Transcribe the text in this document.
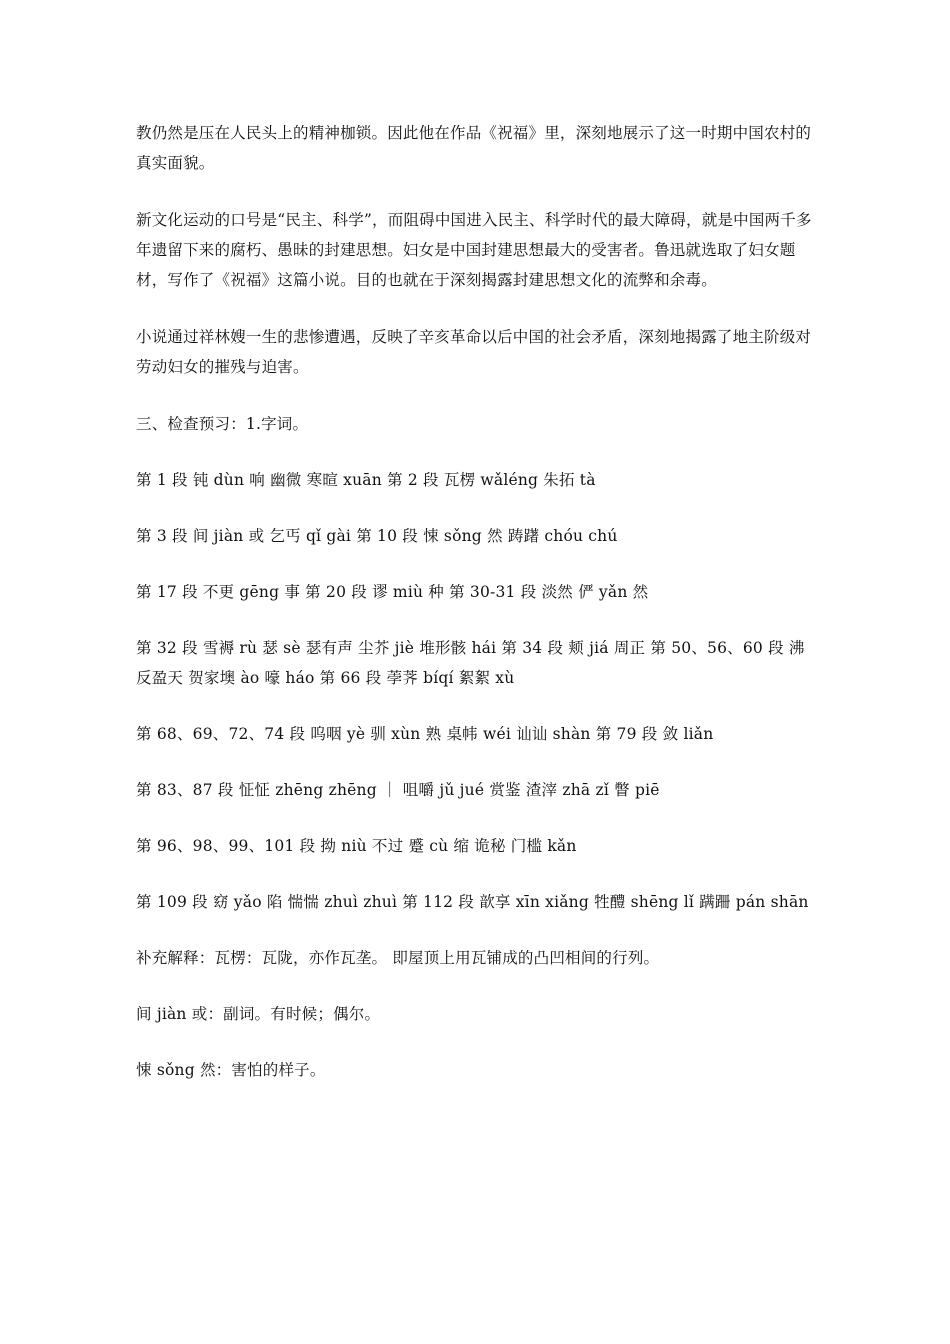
教仍然是压在人民头上的精神枷锁。因此他在作品《祝福》里，深刻地展示了这一时期中国农村的真实面貌。

新文化运动的口号是“民主、科学”，而阻碍中国进入民主、科学时代的最大障碍，就是中国两千多年遗留下来的腐朽、愚昧的封建思想。妇女是中国封建思想最大的受害者。鲁迅就选取了妇女题材，写作了《祝福》这篇小说。目的也就在于深刻揭露封建思想文化的流弊和余毒。

小说通过祥林嫂一生的悲惨遭遇，反映了辛亥革命以后中国的社会矛盾，深刻地揭露了地主阶级对劳动妇女的摧残与迫害。

三、检查预习：1.字词。

第 1 段 钝 dùn 响 幽微 寒暄 xuān 第 2 段 瓦楞 wǎléng 朱拓 tà

第 3 段 间 jiàn 或 乞丐 qǐ gài 第 10 段 悚 sǒng 然 踌躇 chóu chú

第 17 段 不更 gēng 事 第 20 段 谬 miù 种 第 30-31 段 淡然 俨 yǎn 然

第 32 段 雪褥 rù 瑟 sè 瑟有声 尘芥 jiè 堆形骸 hái 第 34 段 颊 jiá 周正 第 50、56、60 段 沸反盈天 贺家墺 ào 嚎 háo 第 66 段 荸荠 bíqí 絮絮 xù

第 68、69、72、74 段 呜咽 yè 驯 xùn 熟 桌帏 wéi 讪讪 shàn 第 79 段 敛 liǎn

第 83、87 段 怔怔 zhēng zhēng ｜ 咀嚼 jǔ jué 赏鉴 渣滓 zhā zǐ 瞥 piē

第 96、98、99、101 段 拗 niù 不过 蹙 cù 缩 诡秘 门槛 kǎn

第 109 段 窈 yǎo 陷 惴惴 zhuì zhuì 第 112 段 歆享 xīn xiǎng 牲醴 shēng lǐ 蹒跚 pán shān

补充解释：瓦楞：瓦陇，亦作瓦垄。 即屋顶上用瓦铺成的凸凹相间的行列。

间 jiàn 或：副词。有时候；偶尔。

悚 sǒng 然：害怕的样子。
